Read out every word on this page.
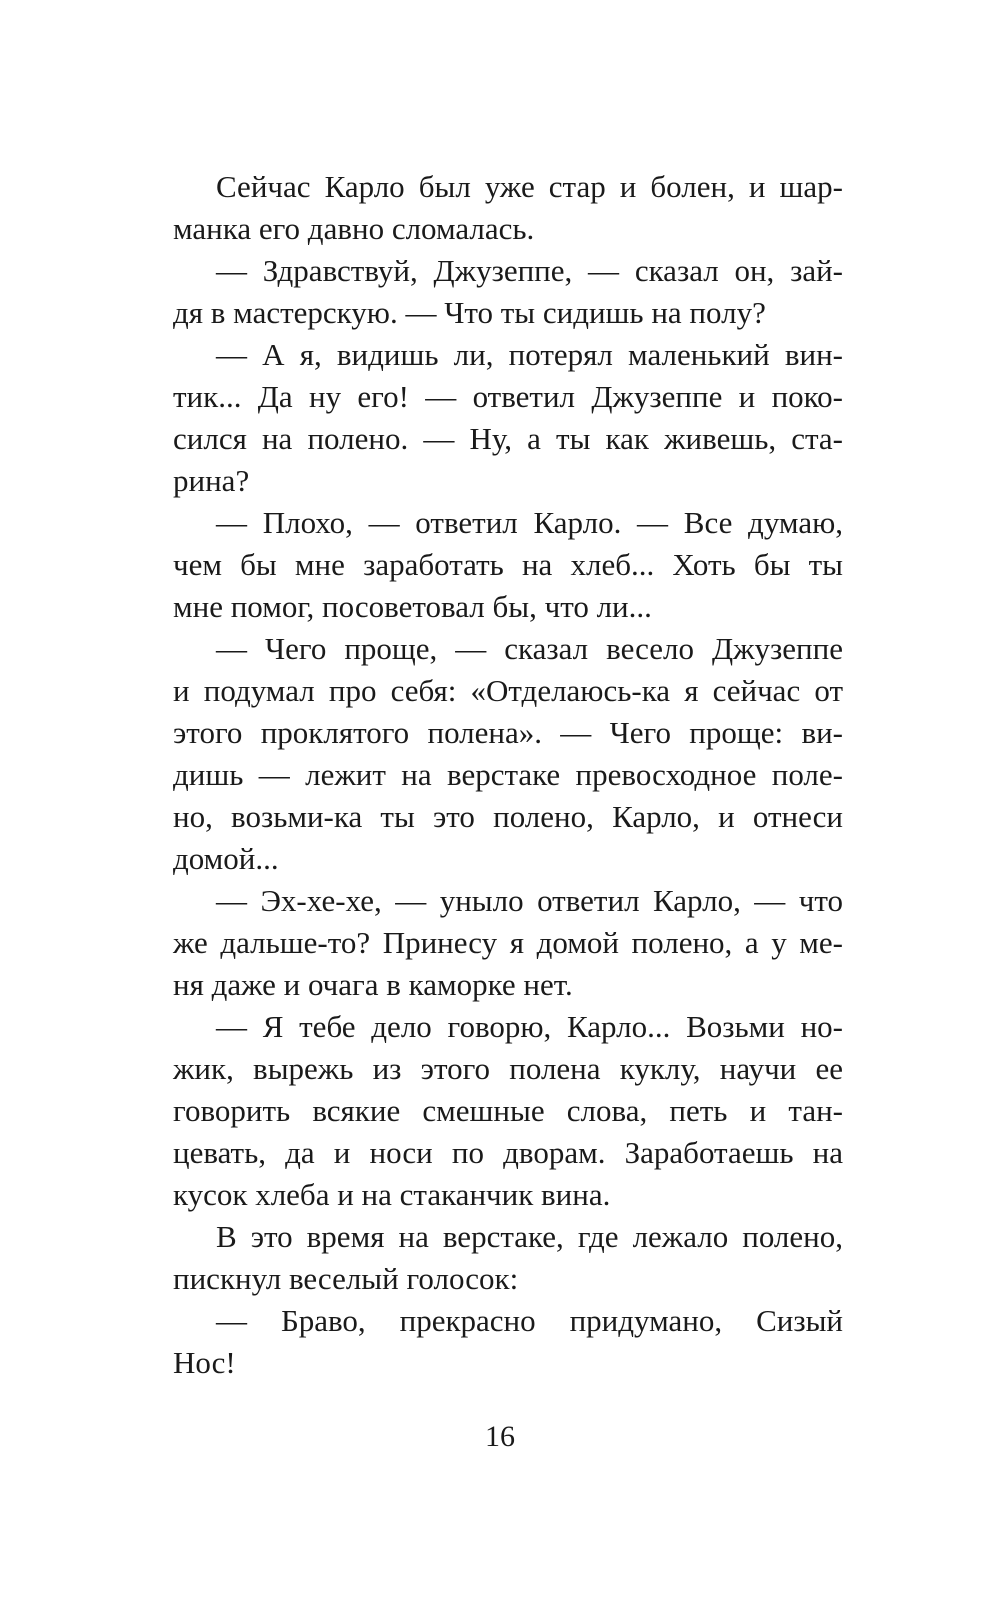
Сейчас Карло был уже стар и болен, и шар-
манка его давно сломалась.
— Здравствуй, Джузеппе, — сказал он, зай-
дя в мастерскую. — Что ты сидишь на полу?
— А я, видишь ли, потерял маленький вин-
тик... Да ну его! — ответил Джузеппе и поко-
сился на полено. — Ну, а ты как живешь, ста-
рина?
— Плохо, — ответил Карло. — Все думаю,
чем бы мне заработать на хлеб... Хоть бы ты
мне помог, посоветовал бы, что ли...
— Чего проще, — сказал весело Джузеппе
и подумал про себя: «Отделаюсь-ка я сейчас от
этого проклятого полена». — Чего проще: ви-
дишь — лежит на верстаке превосходное поле-
но, возьми-ка ты это полено, Карло, и отнеси
домой...
— Эх-хе-хе, — уныло ответил Карло, — что
же дальше-то? Принесу я домой полено, а у ме-
ня даже и очага в каморке нет.
— Я тебе дело говорю, Карло... Возьми но-
жик, вырежь из этого полена куклу, научи ее
говорить всякие смешные слова, петь и тан-
цевать, да и носи по дворам. Заработаешь на
кусок хлеба и на стаканчик вина.
В это время на верстаке, где лежало полено,
пискнул веселый голосок:
— Браво, прекрасно придумано, Сизый
Нос!
16
